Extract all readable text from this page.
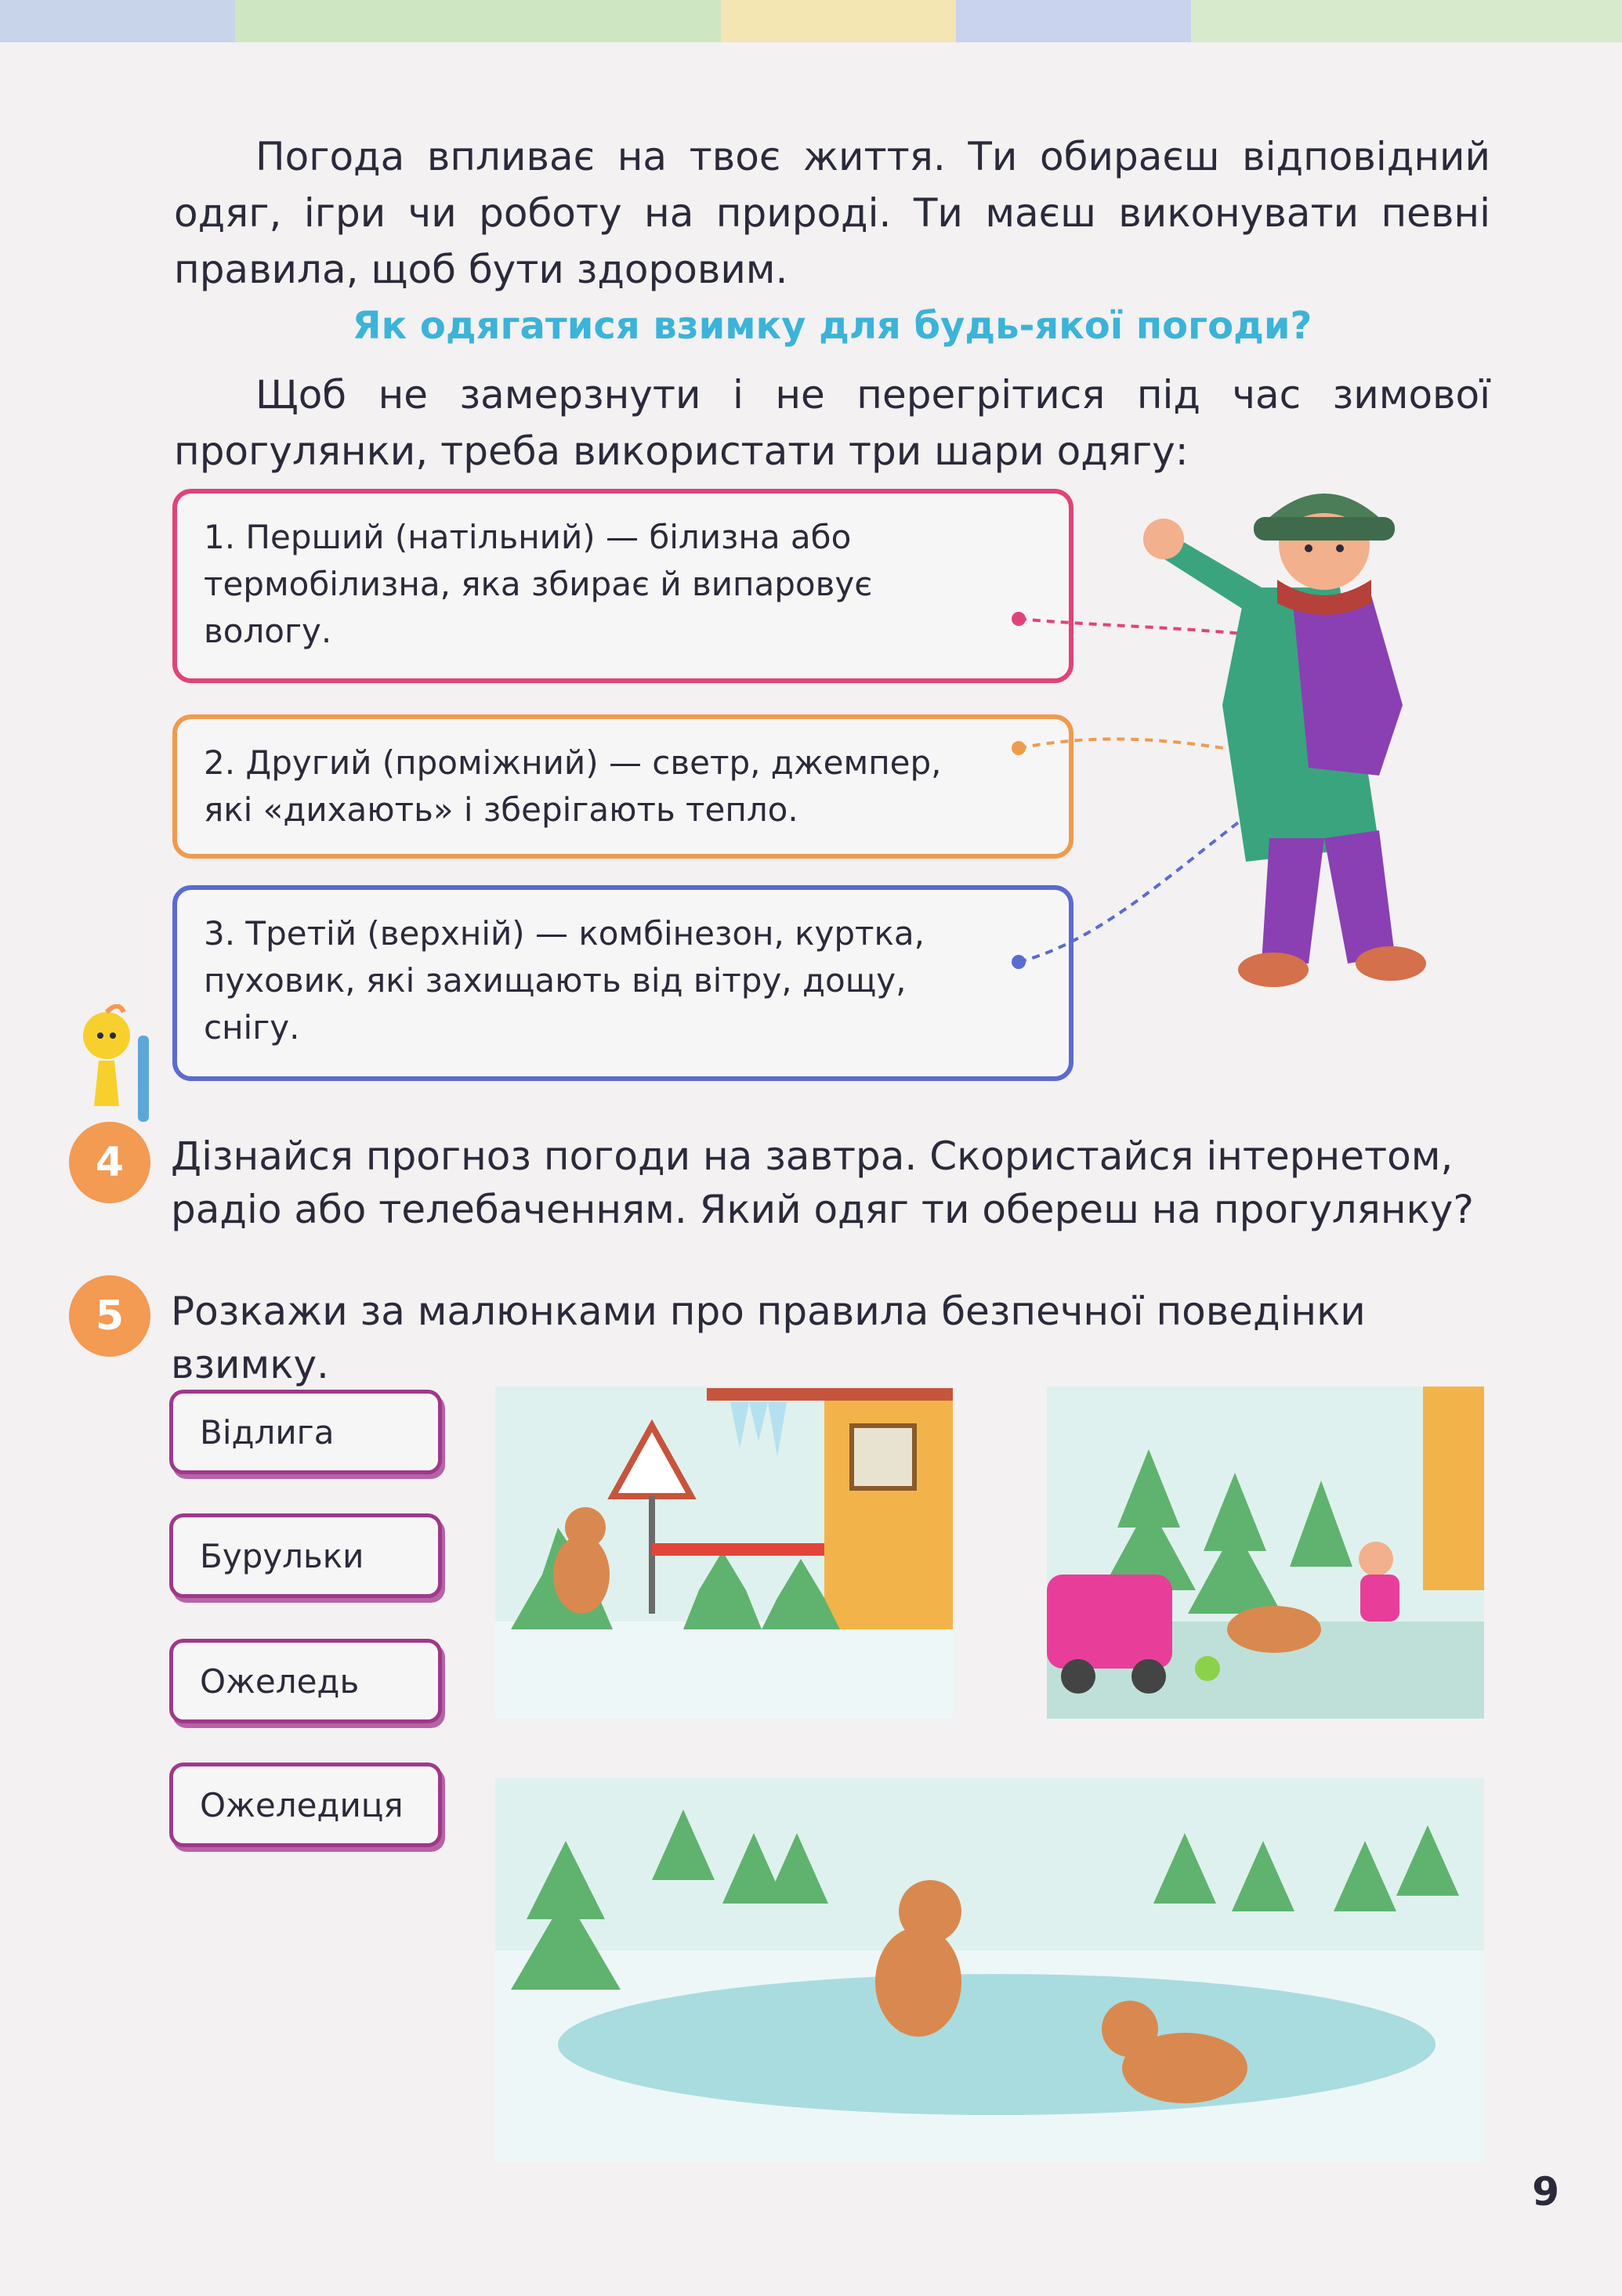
Погода впливає на твоє життя. Ти обираєш відповідний одяг, ігри чи роботу на природі. Ти маєш виконувати певні правила, щоб бути здоровим.

Як одягатися взимку для будь-якої погоди?

Щоб не замерзнути і не перегрітися під час зимової прогулянки, треба використати три шари одягу:

1. Перший (натільний) — білизна або
термобілизна, яка збирає й випаровує
вологу.
2. Другий (проміжний) — светр, джемпер,
які «дихають» і зберігають тепло.
3. Третій (верхній) — комбінезон, куртка,
пуховик, які захищають від вітру, дощу,
снігу.
4	Дізнайся прогноз погоди на завтра. Скористайся інтернетом, радіо або телебаченням. Який одяг ти обереш на прогулянку?

5	Розкажи за малюнками про правила безпечної поведінки взимку.

Відлига
Бурульки
Ожеледь
Ожеледиця
9
